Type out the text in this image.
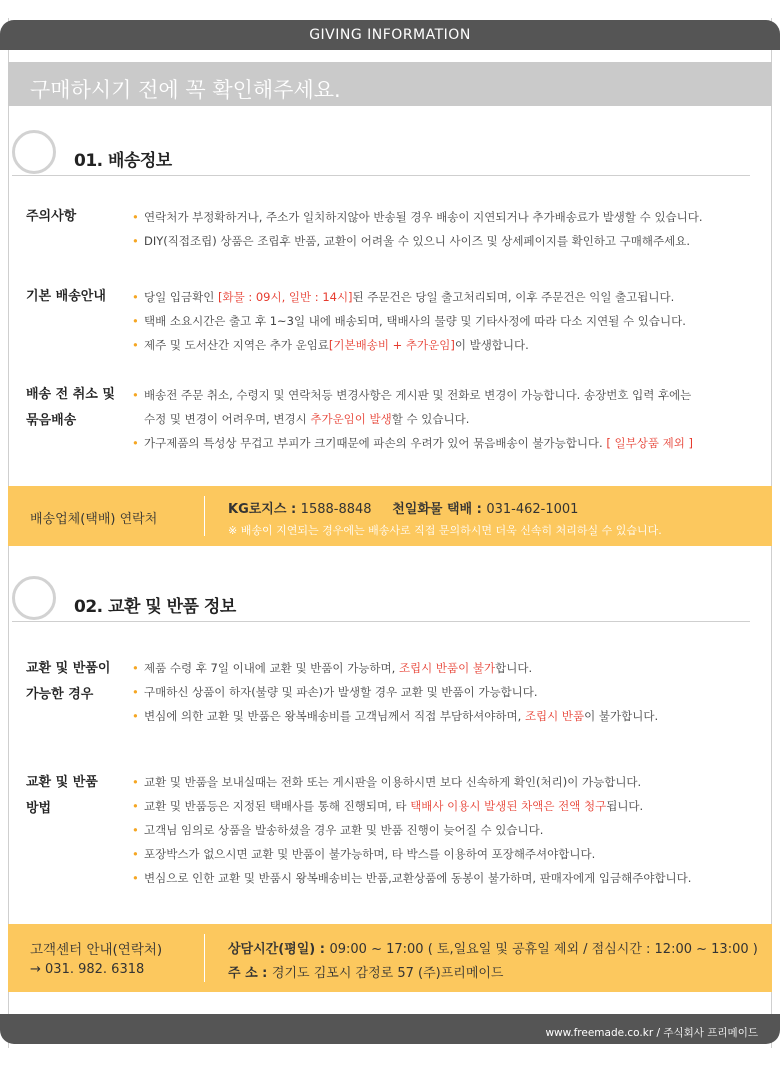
GIVING INFORMATION
구매하시기 전에 꼭 확인해주세요.
01. 배송정보
주의사항	• 연락처가 부정확하거나, 주소가 일치하지않아 반송될 경우 배송이 지연되거나 추가배송료가 발생할 수 있습니다.
• DIY(직접조립) 상품은 조립후 반품, 교환이 어려울 수 있으니 사이즈 및 상세페이지를 확인하고 구매해주세요.
기본 배송안내 • 당일 입금확인 [화물 : 09시, 일반 : 14시]된 주문건은 당일 출고처리되며, 이후 주문건은 익일 출고됩니다.
• 택배 소요시간은 출고 후 1~3일 내에 배송되며, 택배사의 물량 및 기타사정에 따라 다소 지연될 수 있습니다.
• 제주 및 도서산간 지역은 추가 운임료[기본배송비 + 추가운임]이 발생합니다.
배송 전 취소 및
묶음배송
• 배송전 주문 취소, 수령지 및 연락처등 변경사항은 게시판 및 전화로 변경이 가능합니다. 송장번호 입력 후에는
수정 및 변경이 어려우며, 변경시 추가운임이 발생할 수 있습니다.
• 가구제품의 특성상 무겁고 부피가 크기때문에 파손의 우려가 있어 묶음배송이 불가능합니다. [ 일부상품 제외 ]
배송업체(택배) 연락처
KG로지스 : 1588-8848 천일화물 택배 : 031-462-1001
※ 배송이 지연되는 경우에는 배송사로 직접 문의하시면 더욱 신속히 처리하실 수 있습니다.
02. 교환 및 반품 정보
교환 및 반품이
가능한 경우
• 제품 수령 후 7일 이내에 교환 및 반품이 가능하며, 조립시 반품이 불가합니다.
• 구매하신 상품이 하자(불량 및 파손)가 발생할 경우 교환 및 반품이 가능합니다.
• 변심에 의한 교환 및 반품은 왕복배송비를 고객님께서 직접 부담하셔야하며, 조립시 반품이 불가합니다.
교환 및 반품
방법
• 교환 및 반품을 보내실때는 전화 또는 게시판을 이용하시면 보다 신속하게 확인(처리)이 가능합니다.
• 교환 및 반품등은 지정된 택배사를 통해 진행되며, 타 택배사 이용시 발생된 차액은 전액 청구됩니다.
• 고객님 임의로 상품을 발송하셨을 경우 교환 및 반품 진행이 늦어질 수 있습니다.
• 포장박스가 없으시면 교환 및 반품이 불가능하며, 타 박스를 이용하여 포장해주셔야합니다.
• 변심으로 인한 교환 및 반품시 왕복배송비는 반품,교환상품에 동봉이 불가하며, 판매자에게 입금해주야합니다.
고객센터 안내(연락처)
→ 031. 982. 6318
상담시간(평일) : 09:00 ~ 17:00 ( 토,일요일 및 공휴일 제외 / 점심시간 : 12:00 ~ 13:00 )
주 소 : 경기도 김포시 감정로 57 (주)프리메이드
www.freemade.co.kr / 주식회사 프리메이드
